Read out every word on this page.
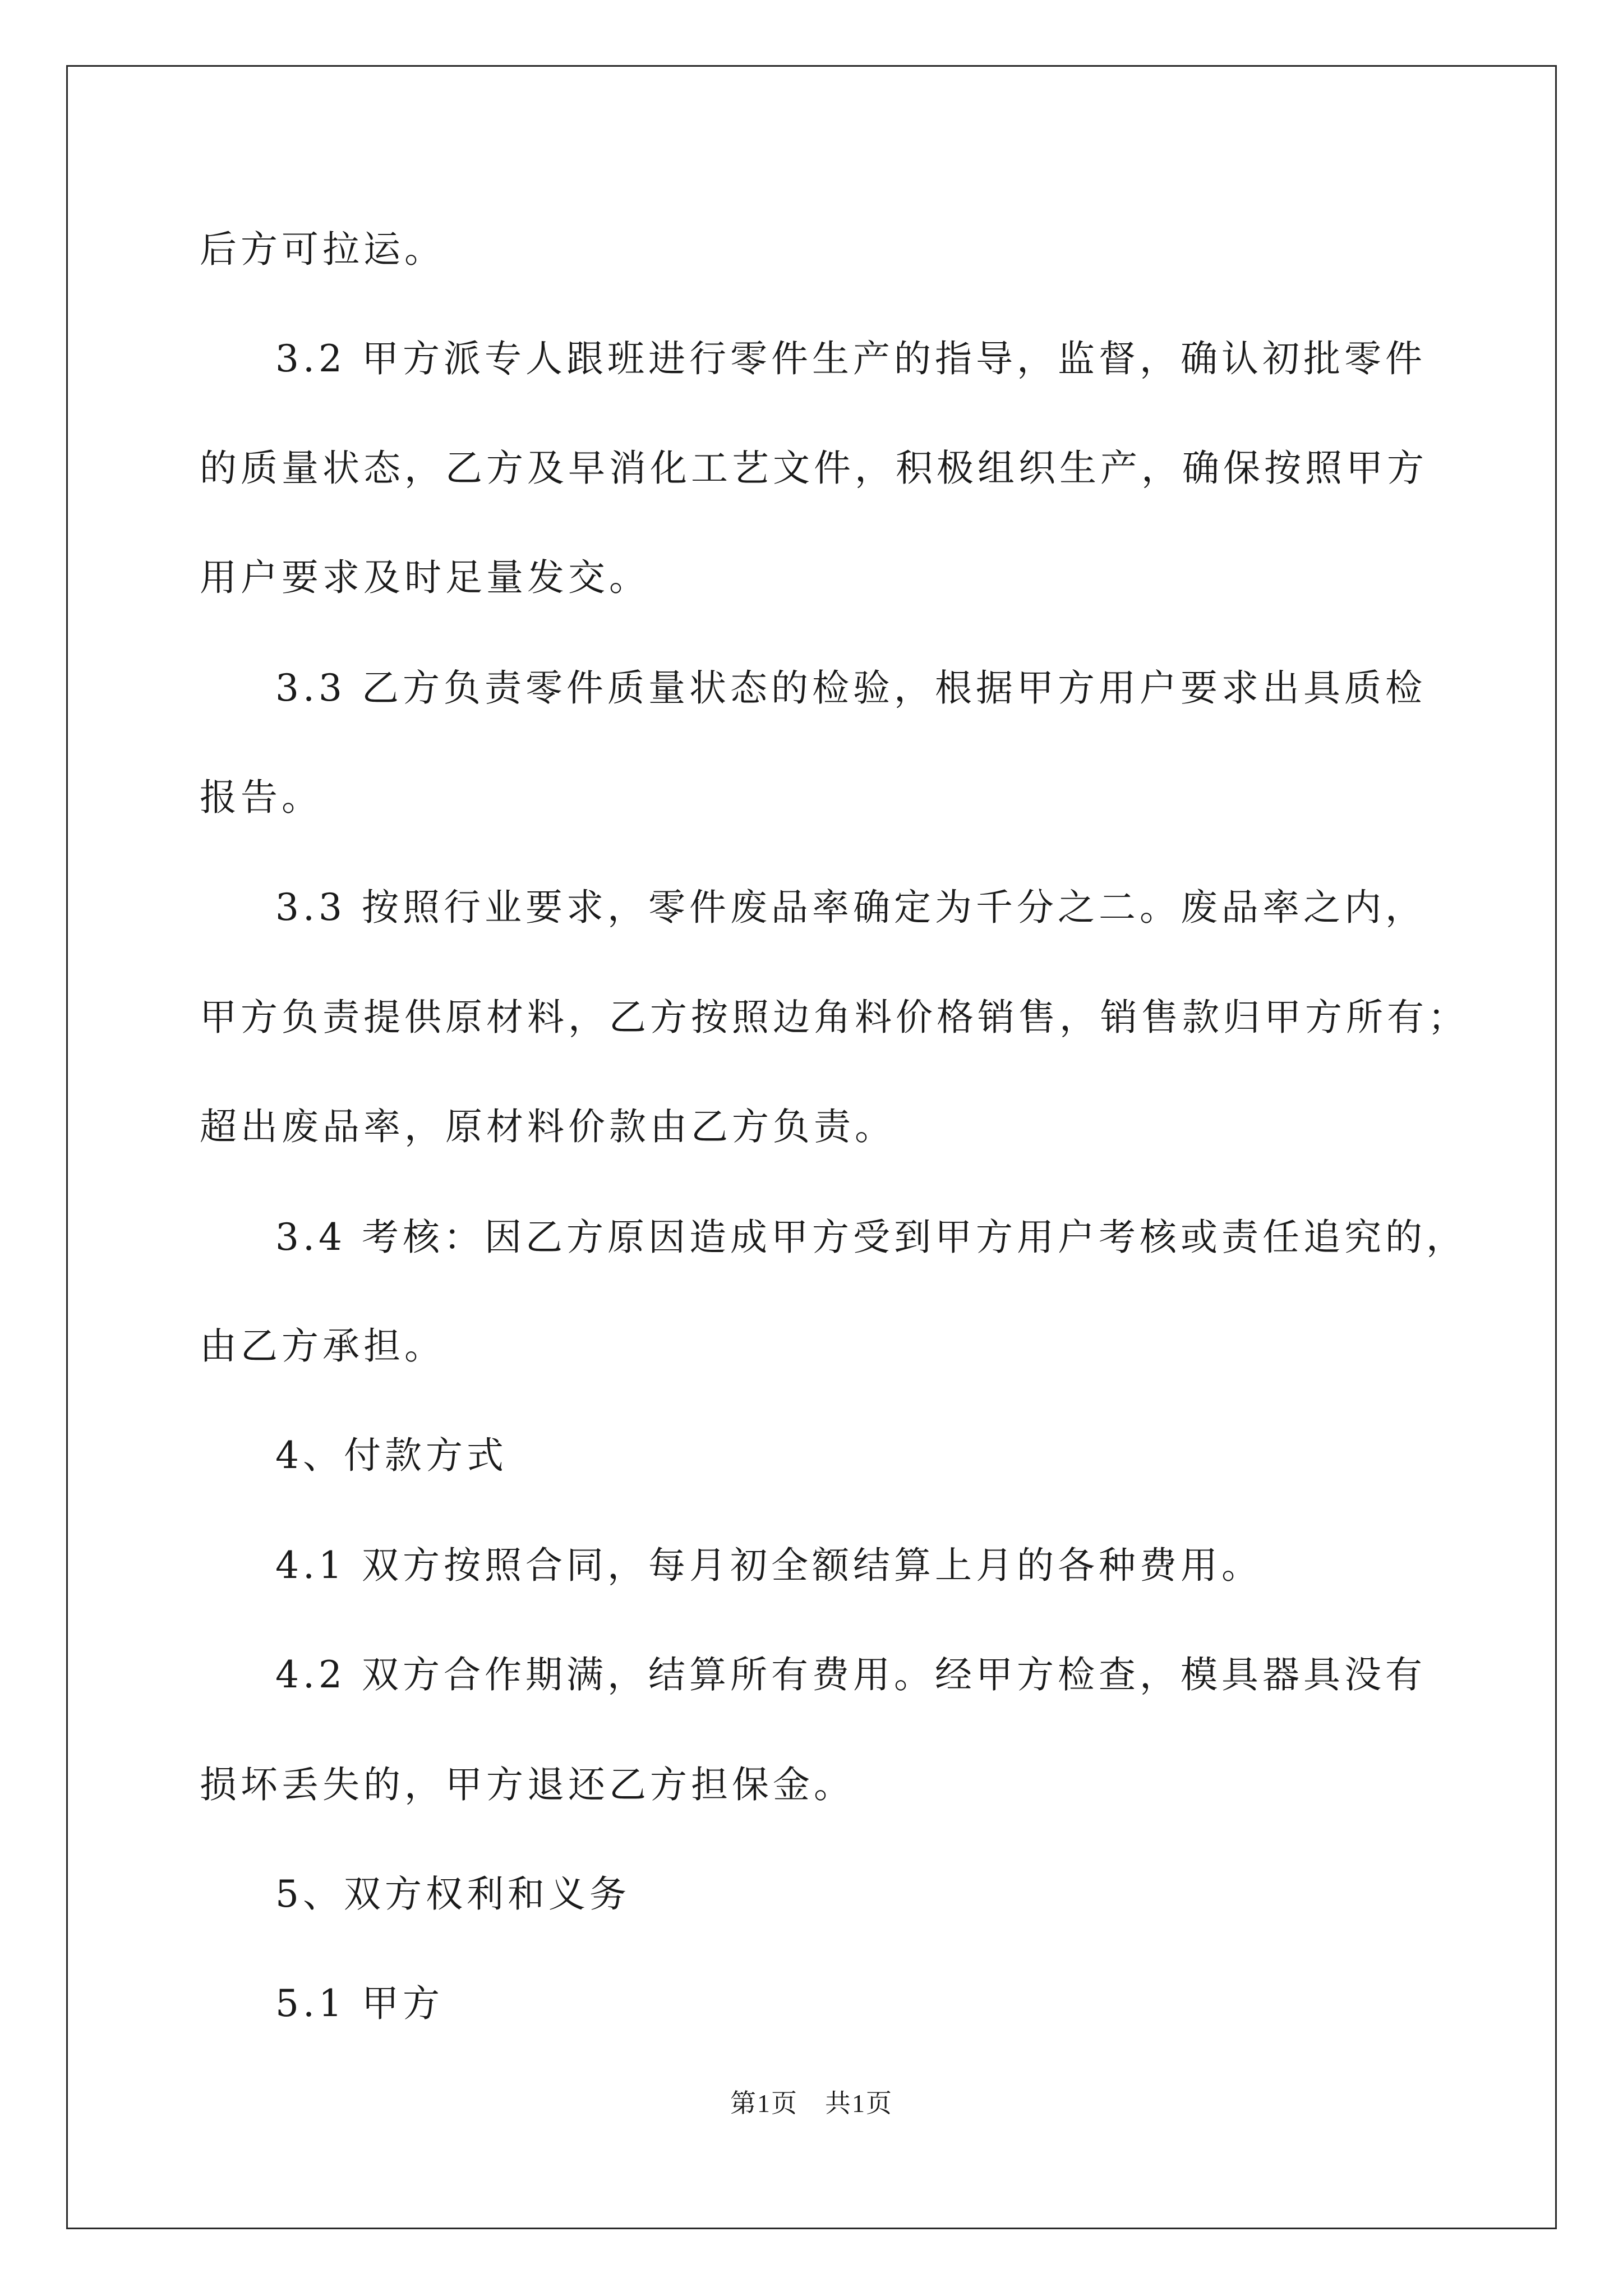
后方可拉运。
3.2 甲方派专人跟班进行零件生产的指导，监督，确认初批零件
的质量状态，乙方及早消化工艺文件，积极组织生产，确保按照甲方
用户要求及时足量发交。
3.3 乙方负责零件质量状态的检验，根据甲方用户要求出具质检
报告。
3.3 按照行业要求，零件废品率确定为千分之二。废品率之内，
甲方负责提供原材料，乙方按照边角料价格销售，销售款归甲方所有；
超出废品率，原材料价款由乙方负责。
3.4 考核：因乙方原因造成甲方受到甲方用户考核或责任追究的，
由乙方承担。
4、付款方式
4.1 双方按照合同，每月初全额结算上月的各种费用。
4.2 双方合作期满，结算所有费用。经甲方检查，模具器具没有
损坏丢失的，甲方退还乙方担保金。
5、双方权利和义务
5.1 甲方
第1页　共1页
